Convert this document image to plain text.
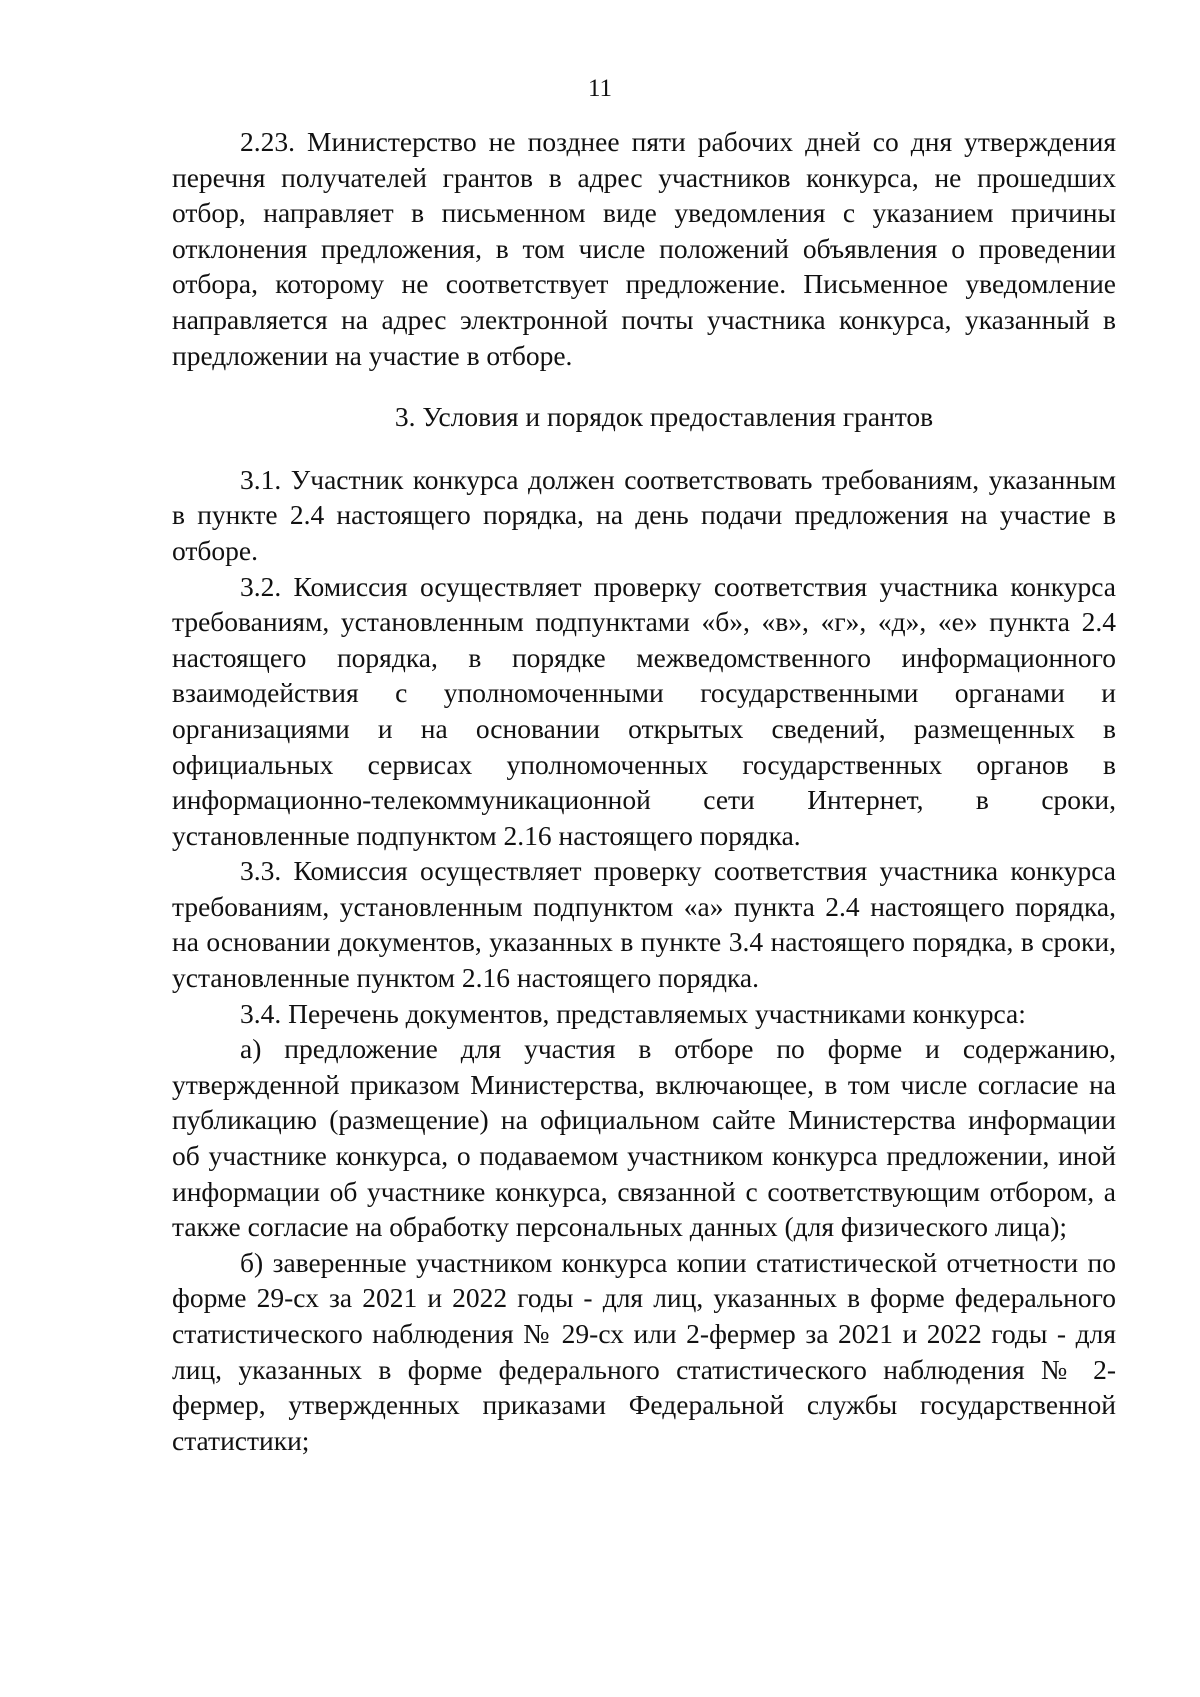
11

2.23. Министерство не позднее пяти рабочих дней со дня утверждения перечня получателей грантов в адрес участников конкурса, не прошедших отбор, направляет в письменном виде уведомления с указанием причины отклонения предложения, в том числе положений объявления о проведении отбора, которому не соответствует предложение. Письменное уведомление направляется на адрес электронной почты участника конкурса, указанный в предложении на участие в отборе.

3. Условия и порядок предоставления грантов

3.1. Участник конкурса должен соответствовать требованиям, указанным в пункте 2.4 настоящего порядка, на день подачи предложения на участие в отборе.

3.2. Комиссия осуществляет проверку соответствия участника конкурса требованиям, установленным подпунктами «б», «в», «г», «д», «е» пункта 2.4 настоящего порядка, в порядке межведомственного информационного взаимодействия с уполномоченными государственными органами и организациями и на основании открытых сведений, размещенных в официальных сервисах уполномоченных государственных органов в информационно-телекоммуникационной сети Интернет, в сроки, установленные подпунктом 2.16 настоящего порядка.

3.3. Комиссия осуществляет проверку соответствия участника конкурса требованиям, установленным подпунктом «а» пункта 2.4 настоящего порядка, на основании документов, указанных в пункте 3.4 настоящего порядка, в сроки, установленные пунктом 2.16 настоящего порядка.

3.4. Перечень документов, представляемых участниками конкурса:

а) предложение для участия в отборе по форме и содержанию, утвержденной приказом Министерства, включающее, в том числе согласие на публикацию (размещение) на официальном сайте Министерства информации об участнике конкурса, о подаваемом участником конкурса предложении, иной информации об участнике конкурса, связанной с соответствующим отбором, а также согласие на обработку персональных данных (для физического лица);

б) заверенные участником конкурса копии статистической отчетности по форме 29-сх за 2021 и 2022 годы - для лиц, указанных в форме федерального статистического наблюдения № 29-сх или 2-фермер за 2021 и 2022 годы - для лиц, указанных в форме федерального статистического наблюдения № 2-фермер, утвержденных приказами Федеральной службы государственной статистики;
